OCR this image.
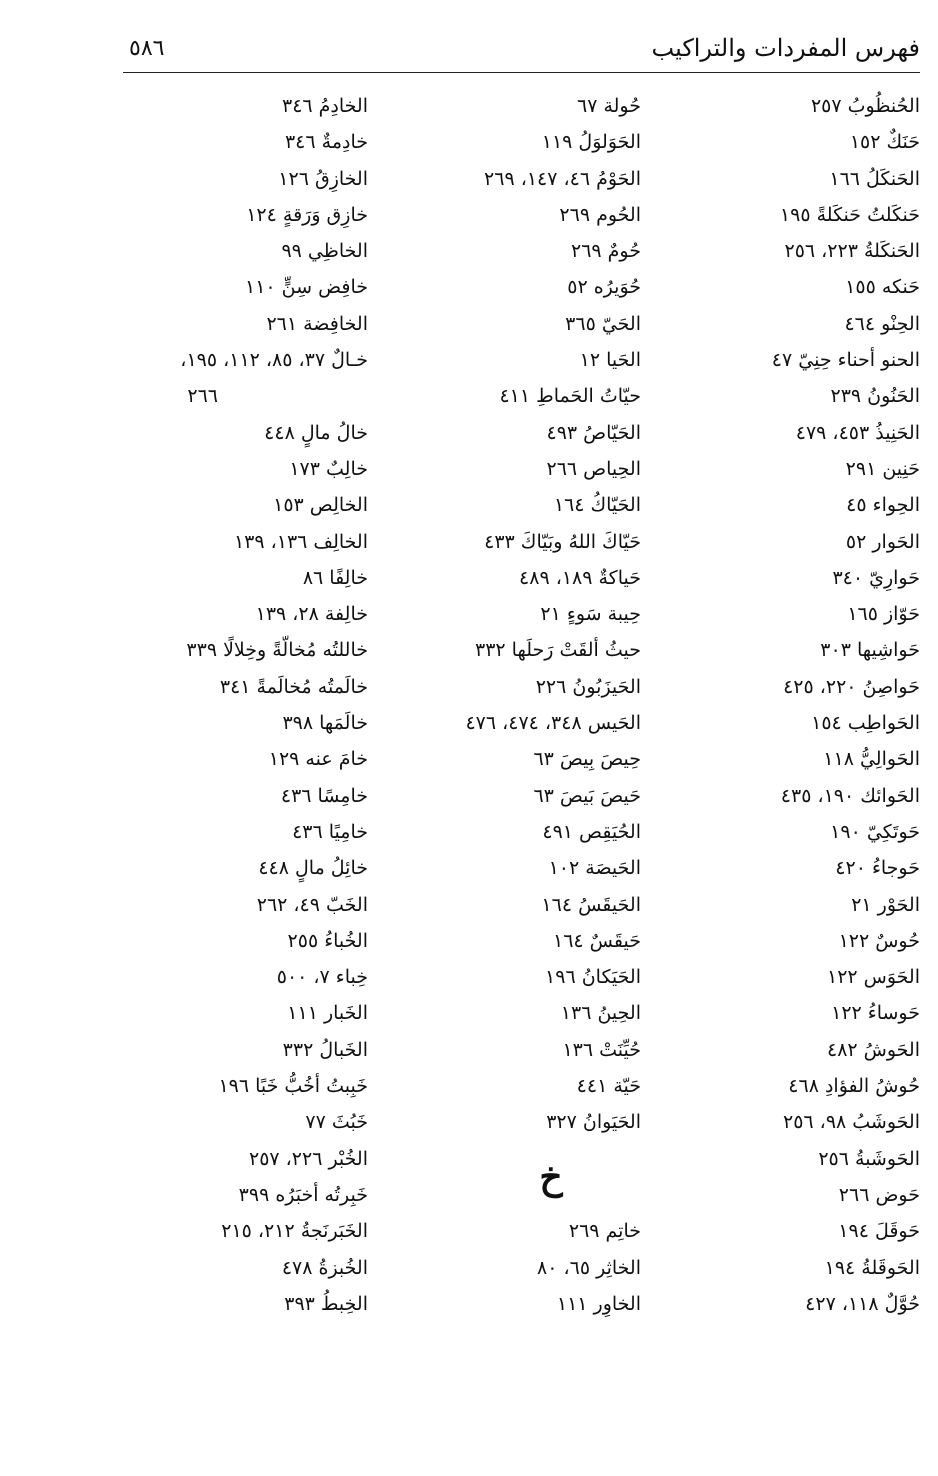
فهرس المفردات والتراكيب
٥٨٦
الحُنظُوبُ ٢٥٧
حَنَكٌ ١٥٢
الحَنكَلُ ١٦٦
حَنكَلتُ حَنكَلةً ١٩٥
الحَنكَلةُ ٢٢٣، ٢٥٦
حَنكه ١٥٥
الحِنْو ٤٦٤
الحنو أحناء حِنِيّ ٤٧
الحَنُونُ ٢٣٩
الحَنِيذُ ٤٥٣، ٤٧٩
حَنِين ٢٩١
الحِواء ٤٥
الحَوار ٥٢
حَوارِيّ ٣٤٠
حَوّاز ١٦٥
حَواشِيها ٣٠٣
حَواصِنُ ٢٢٠، ٤٢٥
الحَواطِب ١٥٤
الحَوالِيُّ ١١٨
الحَوائك ١٩٠، ٤٣٥
حَوتَكِيّ ١٩٠
حَوجاءُ ٤٢٠
الحَوْر ٢١
حُوسٌ ١٢٢
الحَوَس ١٢٢
حَوساءُ ١٢٢
الحَوشُ ٤٨٢
حُوشُ الفؤادِ ٤٦٨
الحَوشَبُ ٩٨، ٢٥٦
الحَوشَبةُ ٢٥٦
حَوض ٢٦٦
حَوقَلَ ١٩٤
الحَوقَلةُ ١٩٤
حُوَّلٌ ١١٨، ٤٢٧
حُولة ٦٧
الحَوَلوَلُ ١١٩
الحَوْمُ ٤٦، ١٤٧، ٢٦٩
الحُوم ٢٦٩
حُومٌ ٢٦٩
حُوَيرُه ٥٢
الحَيّ ٣٦٥
الحَيا ١٢
حيّاتُ الحَماطِ ٤١١
الحَيّاصُ ٤٩٣
الحِياص ٢٦٦
الحَيّاكُ ١٦٤
حَيّاكَ اللهُ وبَيّاكَ ٤٣٣
حَياكةٌ ١٨٩، ٤٨٩
حِيبة سَوءٍ ٢١
حيثُ ألقَتْ رَحلَها ٣٣٢
الحَيزَبُونُ ٢٢٦
الحَيس ٣٤٨، ٤٧٤، ٤٧٦
حِيصَ بِيصَ ٦٣
حَيصَ بَيصَ ٦٣
الحُيَقِص ٤٩١
الحَيصَة ١٠٢
الحَيقَسُ ١٦٤
حَيقَسٌ ١٦٤
الحَيَكانُ ١٩٦
الحِينُ ١٣٦
حُيِّنَتْ ١٣٦
حَيّة ٤٤١
الحَيَوانُ ٣٢٧
خ
خاتِم ٢٦٩
الخاثِر ٦٥، ٨٠
الخاوِر ١١١
الخادِمُ ٣٤٦
خادِمةٌ ٣٤٦
الخازِقُ ١٢٦
خازِق وَرَقةٍ ١٢٤
الخاظِي ٩٩
خافِض سِنٍّ ١١٠
الخافِضة ٢٦١
خـالٌ ٣٧، ٨٥، ١١٢، ١٩٥،
٢٦٦
خالُ مالٍ ٤٤٨
خالِبٌ ١٧٣
الخالِص ١٥٣
الخالِف ١٣٦، ١٣٩
خالِفًا ٨٦
خالِفة ٢٨، ١٣٩
خاللتُه مُخالّةً وخِلالًا ٣٣٩
خالَمتُه مُخالَمةً ٣٤١
خالَمَها ٣٩٨
خامَ عنه ١٢٩
خامِسًا ٤٣٦
خامِيًا ٤٣٦
خائِلُ مالٍ ٤٤٨
الخَبّ ٤٩، ٢٦٢
الخُباءُ ٢٥٥
خِباء ٧، ٥٠٠
الخَبار ١١١
الخَبالُ ٣٣٢
خَبِبتُ أخُبُّ خَبًا ١٩٦
خَبُثَ ٧٧
الخُبْر ٢٢٦، ٢٥٧
خَبِرتُه أخبَرُه ٣٩٩
الخَبَرنَجةُ ٢١٢، ٢١٥
الخُبزةُ ٤٧٨
الخِبطُ ٣٩٣
